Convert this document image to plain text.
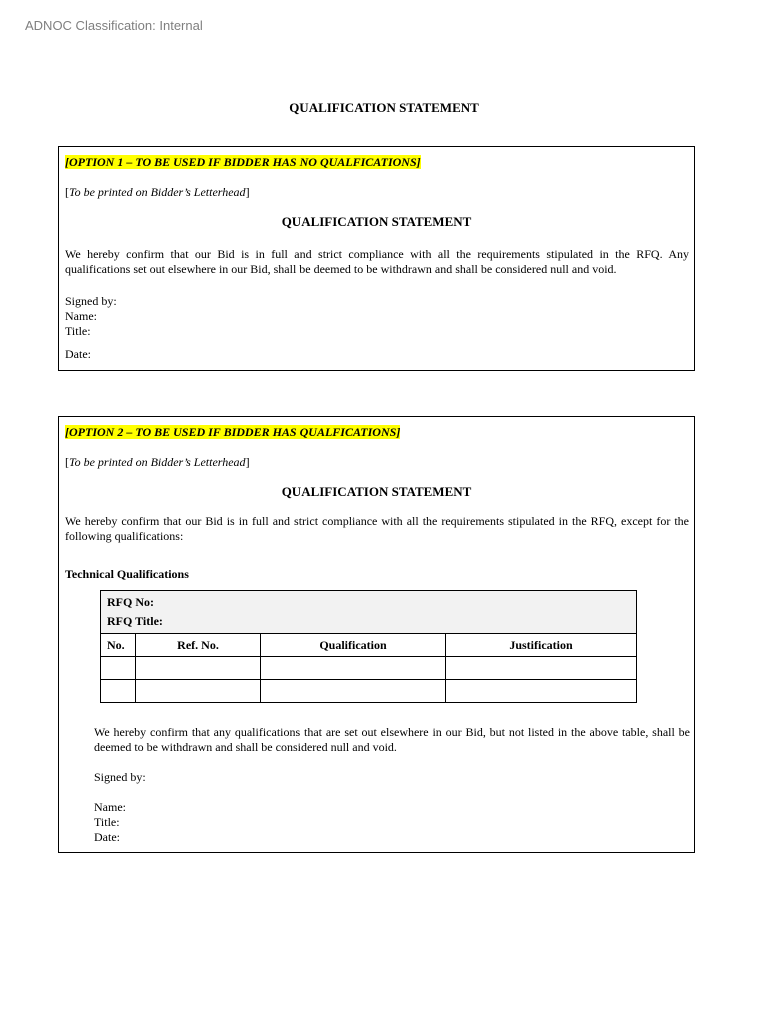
ADNOC Classification: Internal
QUALIFICATION STATEMENT
[OPTION 1 – TO BE USED IF BIDDER HAS NO QUALFICATIONS]
[To be printed on Bidder’s Letterhead]
QUALIFICATION STATEMENT
We hereby confirm that our Bid is in full and strict compliance with all the requirements stipulated in the RFQ. Any qualifications set out elsewhere in our Bid, shall be deemed to be withdrawn and shall be considered null and void.
Signed by:
Name:
Title:
Date:
[OPTION 2 – TO BE USED IF BIDDER HAS QUALFICATIONS]
[To be printed on Bidder’s Letterhead]
QUALIFICATION STATEMENT
We hereby confirm that our Bid is in full and strict compliance with all the requirements stipulated in the RFQ, except for the following qualifications:
Technical Qualifications
RFQ No:			
RFQ Title:			
No.	Ref. No.	Qualification	Justification

We hereby confirm that any qualifications that are set out elsewhere in our Bid, but not listed in the above table, shall be deemed to be withdrawn and shall be considered null and void.
Signed by:
Name:
Title:
Date:
